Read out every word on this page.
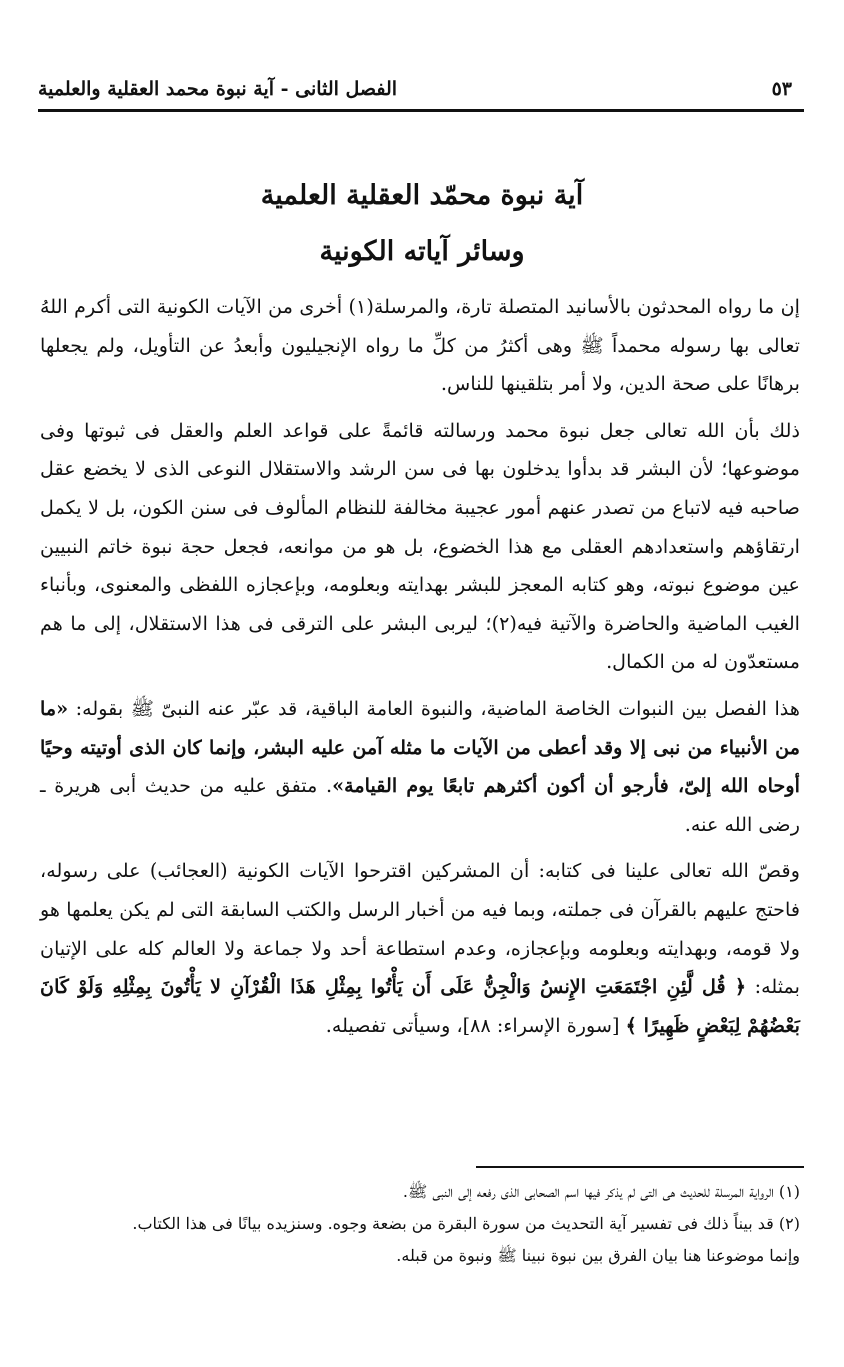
٥٣
الفصل الثانى - آية نبوة محمد العقلية والعلمية
آية نبوة محمّد العقلية العلمية
وسائر آياته الكونية

إن ما رواه المحدثون بالأسانيد المتصلة تارة، والمرسلة(١) أخرى من الآيات الكونية التى أكرم اللهُ تعالى بها رسوله محمداً ﷺ وهى أكثرُ من كلِّ ما رواه الإنجيليون وأبعدُ عن التأويل، ولم يجعلها برهانًا على صحة الدين، ولا أمر بتلقينها للناس.

ذلك بأن الله تعالى جعل نبوة محمد ورسالته قائمةً على قواعد العلم والعقل فى ثبوتها وفى موضوعها؛ لأن البشر قد بدأوا يدخلون بها فى سن الرشد والاستقلال النوعى الذى لا يخضع عقل صاحبه فيه لاتباع من تصدر عنهم أمور عجيبة مخالفة للنظام المألوف فى سنن الكون، بل لا يكمل ارتقاؤهم واستعدادهم العقلى مع هذا الخضوع، بل هو من موانعه، فجعل حجة نبوة خاتم النبيين عين موضوع نبوته، وهو كتابه المعجز للبشر بهدايته وبعلومه، وبإعجازه اللفظى والمعنوى، وبأنباء الغيب الماضية والحاضرة والآتية فيه(٢)؛ ليربى البشر على الترقى فى هذا الاستقلال، إلى ما هم مستعدّون له من الكمال.

هذا الفصل بين النبوات الخاصة الماضية، والنبوة العامة الباقية، قد عبّر عنه النبىّ ﷺ بقوله: «ما من الأنبياء من نبى إلا وقد أعطى من الآيات ما مثله آمن عليه البشر، وإنما كان الذى أوتيته وحيًا أوحاه الله إلىّ، فأرجو أن أكون أكثرهم تابعًا يوم القيامة». متفق عليه من حديث أبى هريرة ـ رضى الله عنه.

وقصّ الله تعالى علينا فى كتابه: أن المشركين اقترحوا الآيات الكونية (العجائب) على رسوله، فاحتج عليهم بالقرآن فى جملته، وبما فيه من أخبار الرسل والكتب السابقة التى لم يكن يعلمها هو ولا قومه، وبهدايته وبعلومه وبإعجازه، وعدم استطاعة أحد ولا جماعة ولا العالم كله على الإتيان بمثله: ﴿ قُل لَّئِنِ اجْتَمَعَتِ الإِنسُ وَالْجِنُّ عَلَى أَن يَأْتُوا بِمِثْلِ هَذَا الْقُرْآنِ لا يَأْتُونَ بِمِثْلِهِ وَلَوْ كَانَ بَعْضُهُمْ لِبَعْضٍ ظَهِيرًا ﴾ [سورة الإسراء: ٨٨]، وسيأتى تفصيله.

(١) الرواية المرسلة للحديث هى التى لم يذكر فيها اسم الصحابى الذى رفعه إلى النبى ﷺ.

(٢) قد بيناً ذلك فى تفسير آية التحديث من سورة البقرة من بضعة وجوه. وسنزيده بيانًا فى هذا الكتاب.

وإنما موضوعنا هنا بيان الفرق بين نبوة نبينا ﷺ ونبوة من قبله.
